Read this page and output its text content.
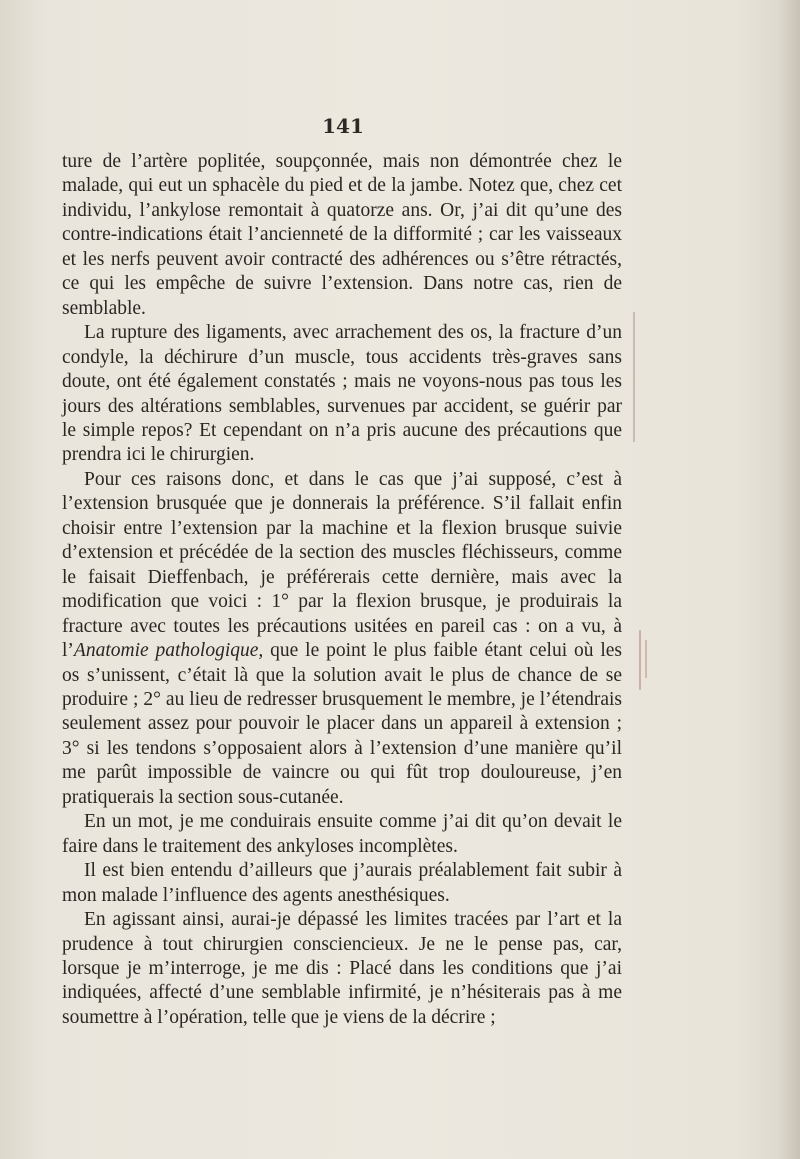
141

ture de l’artère poplitée, soupçonnée, mais non démontrée chez le malade, qui eut un sphacèle du pied et de la jambe. Notez que, chez cet individu, l’ankylose remontait à quatorze ans. Or, j’ai dit qu’une des contre-indications était l’ancienneté de la difformité ; car les vaisseaux et les nerfs peuvent avoir contracté des adhérences ou s’être rétractés, ce qui les empêche de suivre l’extension. Dans notre cas, rien de semblable.

La rupture des ligaments, avec arrachement des os, la fracture d’un condyle, la déchirure d’un muscle, tous accidents très-graves sans doute, ont été également constatés ; mais ne voyons-nous pas tous les jours des altérations semblables, survenues par accident, se guérir par le simple repos? Et cependant on n’a pris aucune des précautions que prendra ici le chirurgien.

Pour ces raisons donc, et dans le cas que j’ai supposé, c’est à l’extension brusquée que je donnerais la préférence. S’il fallait enfin choisir entre l’extension par la machine et la flexion brusque suivie d’extension et précédée de la section des muscles fléchisseurs, comme le faisait Dieffenbach, je préférerais cette dernière, mais avec la modification que voici : 1° par la flexion brusque, je produirais la fracture avec toutes les précautions usitées en pareil cas : on a vu, à l’Anatomie pathologique, que le point le plus faible étant celui où les os s’unissent, c’était là que la solution avait le plus de chance de se produire ; 2° au lieu de redresser brusquement le membre, je l’étendrais seulement assez pour pouvoir le placer dans un appareil à extension ; 3° si les tendons s’opposaient alors à l’extension d’une manière qu’il me parût impossible de vaincre ou qui fût trop douloureuse, j’en pratiquerais la section sous-cutanée.

En un mot, je me conduirais ensuite comme j’ai dit qu’on devait le faire dans le traitement des ankyloses incomplètes.

Il est bien entendu d’ailleurs que j’aurais préalablement fait subir à mon malade l’influence des agents anesthésiques.

En agissant ainsi, aurai-je dépassé les limites tracées par l’art et la prudence à tout chirurgien consciencieux. Je ne le pense pas, car, lorsque je m’interroge, je me dis : Placé dans les conditions que j’ai indiquées, affecté d’une semblable infirmité, je n’hésiterais pas à me soumettre à l’opération, telle que je viens de la décrire ;
